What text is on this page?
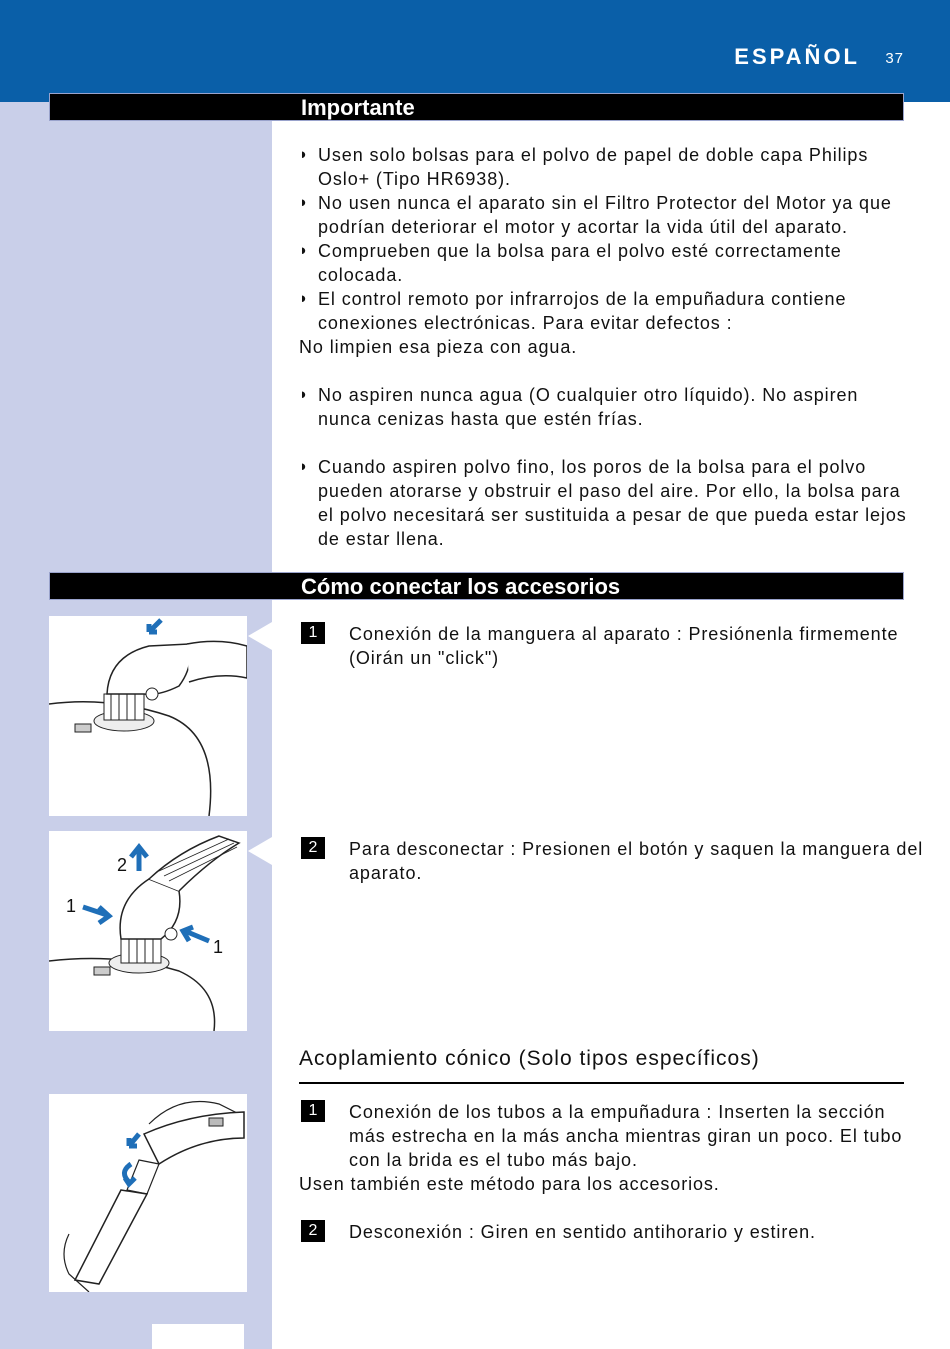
ESPAÑOL 37
Importante
◗ Usen solo bolsas para el polvo de papel de doble capa Philips
Oslo+ (Tipo HR6938).
◗ No usen nunca el aparato sin el Filtro Protector del Motor ya que
podrían deteriorar el motor y acortar la vida útil del aparato.
◗ Comprueben que la bolsa para el polvo esté correctamente
colocada.
◗ El control remoto por infrarrojos de la empuñadura contiene
conexiones electrónicas. Para evitar defectos :
No limpien esa pieza con agua.
◗ No aspiren nunca agua (O cualquier otro líquido). No aspiren
nunca cenizas hasta que estén frías.
◗ Cuando aspiren polvo fino, los poros de la bolsa para el polvo
pueden atorarse y obstruir el paso del aire. Por ello, la bolsa para
el polvo necesitará ser sustituida a pesar de que pueda estar lejos
de estar llena.
Cómo conectar los accesorios
1	Conexión de la manguera al aparato : Presiónenla firmemente
(Oirán un "click")
2
1
1
2	Para desconectar : Presionen el botón y saquen la manguera del
aparato.
Acoplamiento cónico (Solo tipos específicos)
1	Conexión de los tubos a la empuñadura : Inserten la sección
más estrecha en la más ancha mientras giran un poco. El tubo
con la brida es el tubo más bajo.
Usen también este método para los accesorios.
2	Desconexión : Giren en sentido antihorario y estiren.
